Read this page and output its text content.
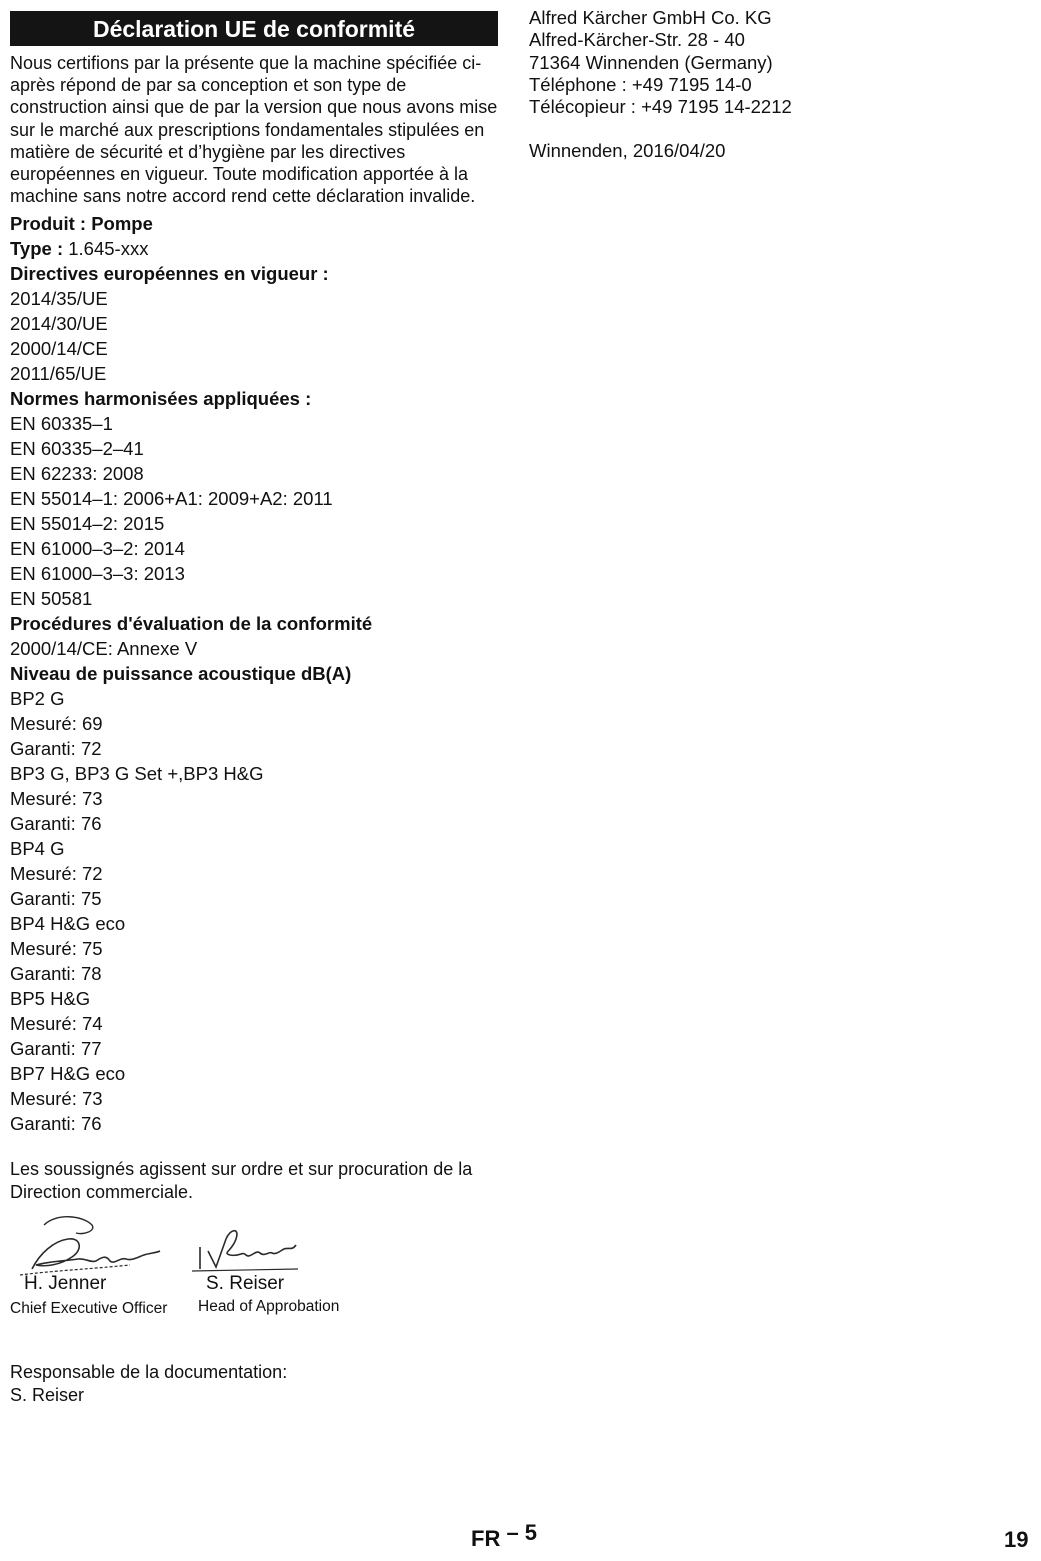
Déclaration UE de conformité

Nous certifions par la présente que la machine spécifiée ci-après répond de par sa conception et son type de construction ainsi que de par la version que nous avons mise sur le marché aux prescriptions fondamentales stipulées en matière de sécurité et d’hygiène par les directives européennes en vigueur. Toute modification apportée à la machine sans notre accord rend cette déclaration invalide.

Produit : Pompe
Type : 1.645-xxx
Directives européennes en vigueur :
2014/35/UE
2014/30/UE
2000/14/CE
2011/65/UE
Normes harmonisées appliquées :
EN 60335–1
EN 60335–2–41
EN 62233: 2008
EN 55014–1: 2006+A1: 2009+A2: 2011
EN 55014–2: 2015
EN 61000–3–2: 2014
EN 61000–3–3: 2013
EN 50581
Procédures d'évaluation de la conformité
2000/14/CE: Annexe V
Niveau de puissance acoustique dB(A)
BP2 G
Mesuré: 69
Garanti: 72
BP3 G, BP3 G Set +,BP3 H&G
Mesuré: 73
Garanti: 76
BP4 G
Mesuré: 72
Garanti: 75
BP4 H&G eco
Mesuré: 75
Garanti: 78
BP5 H&G
Mesuré: 74
Garanti: 77
BP7 H&G eco
Mesuré: 73
Garanti: 76
Les soussignés agissent sur ordre et sur procuration de la Direction commerciale.
H. Jenner
Chief Executive Officer
S. Reiser
Head of Approbation
Responsable de la documentation:
S. Reiser
Alfred Kärcher GmbH Co. KG
Alfred-Kärcher-Str. 28 - 40
71364 Winnenden (Germany)
Téléphone : +49 7195 14-0
Télécopieur : +49 7195 14-2212
Winnenden, 2016/04/20
FR – 5	19
